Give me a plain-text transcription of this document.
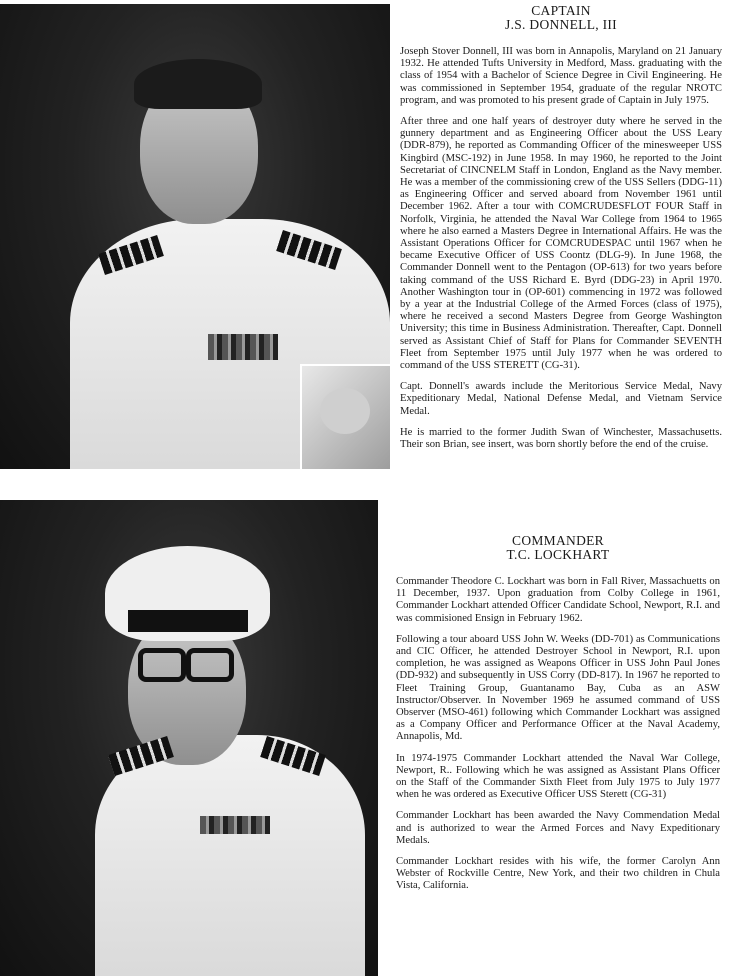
CAPTAIN

J.S. DONNELL, III

Joseph Stover Donnell, III was born in Annapolis, Maryland on 21 January 1932. He attended Tufts University in Medford, Mass. graduating with the class of 1954 with a Bachelor of Science Degree in Civil Engineering. He was commissioned in September 1954, graduate of the regular NROTC program, and was promoted to his present grade of Captain in July 1975.

After three and one half years of destroyer duty where he served in the gunnery department and as Engineering Officer about the USS Leary (DDR-879), he reported as Commanding Officer of the minesweeper USS Kingbird (MSC-192) in June 1958. In may 1960, he reported to the Joint Secretariat of CINCNELM Staff in London, England as the Navy member. He was a member of the commissioning crew of the USS Sellers (DDG-11) as Engineering Officer and served aboard from November 1961 until December 1962. After a tour with COMCRUDESFLOT FOUR Staff in Norfolk, Virginia, he attended the Naval War College from 1964 to 1965 where he also earned a Masters Degree in International Affairs. He was the Assistant Operations Officer for COMCRUDESPAC until 1967 when he became Executive Officer of USS Coontz (DLG-9). In June 1968, the Commander Donnell went to the Pentagon (OP-613) for two years before taking command of the USS Richard E. Byrd (DDG-23) in April 1970. Another Washington tour in (OP-601) commencing in 1972 was followed by a year at the Industrial College of the Armed Forces (class of 1975), where he received a second Masters Degree from George Washington University; this time in Business Administration. Thereafter, Capt. Donnell served as Assistant Chief of Staff for Plans for Commander SEVENTH Fleet from September 1975 until July 1977 when he was ordered to command of the USS STERETT (CG-31).

Capt. Donnell's awards include the Meritorious Service Medal, Navy Expeditionary Medal, National Defense Medal, and Vietnam Service Medal.

He is married to the former Judith Swan of Winchester, Massachusetts. Their son Brian, see insert, was born shortly before the end of the cruise.

COMMANDER

T.C. LOCKHART

Commander Theodore C. Lockhart was born in Fall River, Massachuetts on 11 December, 1937. Upon graduation from Colby College in 1961, Commander Lockhart attended Officer Candidate School, Newport, R.I. and was commisioned Ensign in February 1962.

Following a tour aboard USS John W. Weeks (DD-701) as Communications and CIC Officer, he attended Destroyer School in Newport, R.I. upon completion, he was assigned as Weapons Officer in USS John Paul Jones (DD-932) and subsequently in USS Corry (DD-817). In 1967 he reported to Fleet Training Group, Guantanamo Bay, Cuba as an ASW Instructor/Observer. In November 1969 he assumed command of USS Observer (MSO-461) following which Commander Lockhart was assigned as a Company Officer and Performance Officer at the Naval Academy, Annapolis, Md.

In 1974-1975 Commander Lockhart attended the Naval War College, Newport, R.. Following which he was assigned as Assistant Plans Officer on the Staff of the Commander Sixth Fleet from July 1975 to July 1977 when he was ordered as Executive Officer USS Sterett (CG-31)

Commander Lockhart has been awarded the Navy Commendation Medal and is authorized to wear the Armed Forces and Navy Expeditionary Medals.

Commander Lockhart resides with his wife, the former Carolyn Ann Webster of Rockville Centre, New York, and their two children in Chula Vista, California.
